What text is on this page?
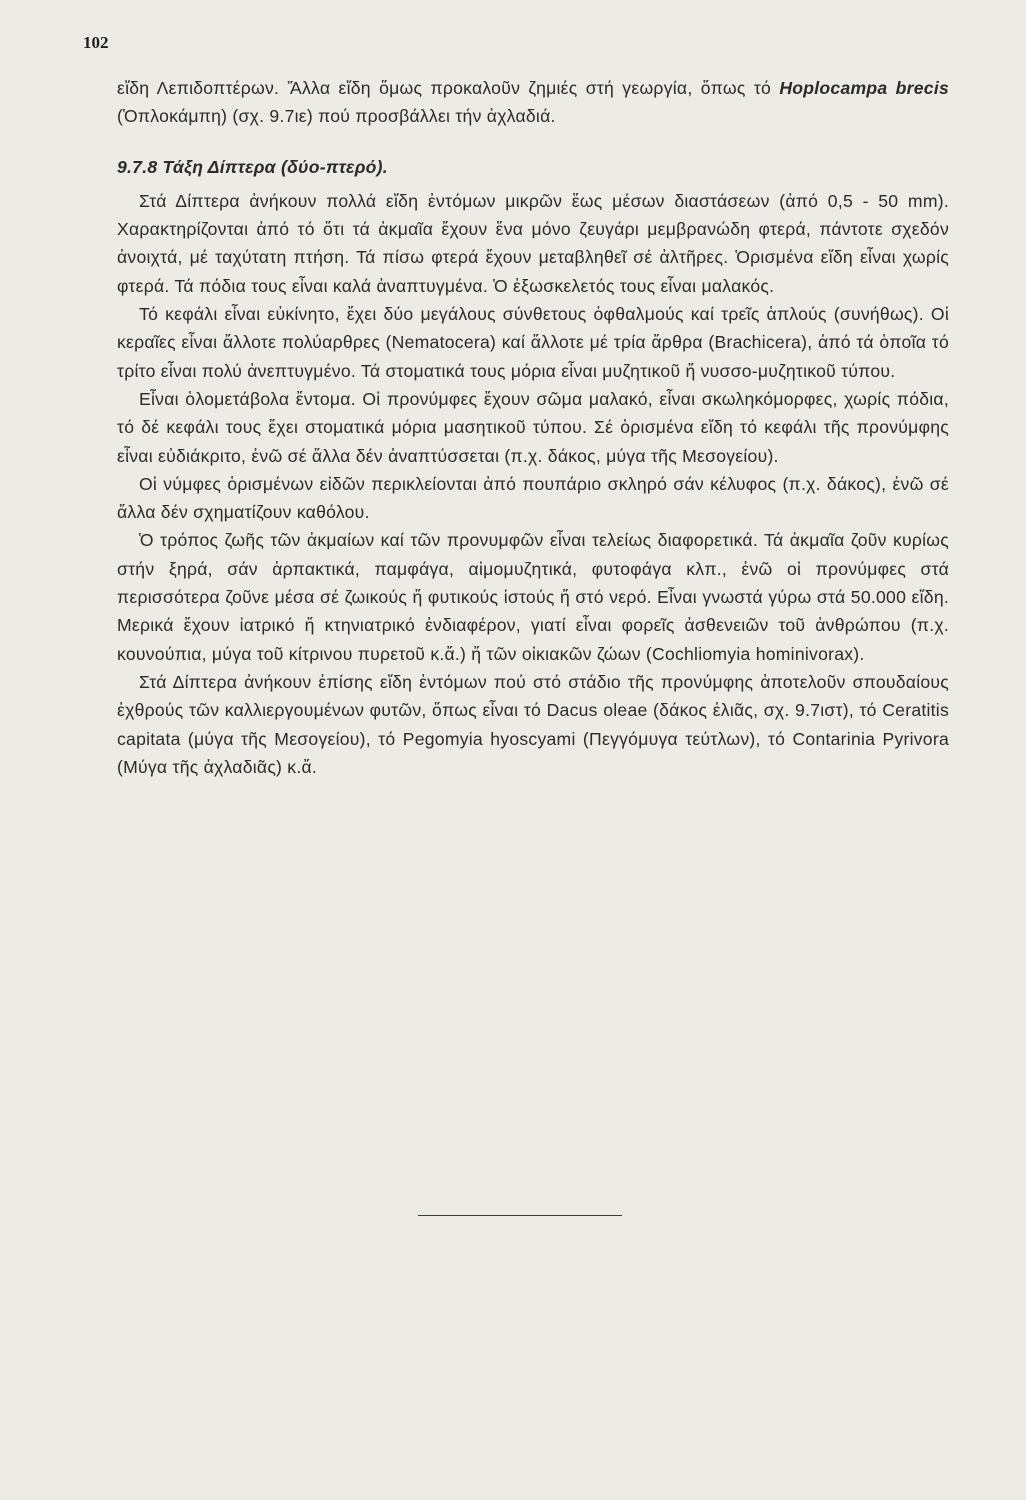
102

εἴδη Λεπιδοπτέρων. Ἄλλα εἴδη ὅμως προκαλοῦν ζημιές στή γεωργία, ὅπως τό Hoplocampa brecis (Ὁπλοκάμπη) (σχ. 9.7ιε) πού προσβάλλει τήν ἀχλαδιά.

9.7.8 Τάξη Δίπτερα (δύο-πτερό).

Στά Δίπτερα ἀνήκουν πολλά εἴδη ἐντόμων μικρῶν ἕως μέσων διαστάσεων (ἀπό 0,5 - 50 mm). Χαρακτηρίζονται ἀπό τό ὅτι τά ἀκμαῖα ἔχουν ἕνα μόνο ζευγάρι μεμβρανώδη φτερά, πάντοτε σχεδόν ἀνοιχτά, μέ ταχύτατη πτήση. Τά πίσω φτερά ἔχουν μεταβληθεῖ σέ ἀλτῆρες. Ὁρισμένα εἴδη εἶναι χωρίς φτερά. Τά πόδια τους εἶναι καλά ἀναπτυγμένα. Ὁ ἐξωσκελετός τους εἶναι μαλακός.

Τό κεφάλι εἶναι εὐκίνητο, ἔχει δύο μεγάλους σύνθετους ὀφθαλμούς καί τρεῖς ἁπλούς (συνήθως). Οἱ κεραῖες εἶναι ἄλλοτε πολύαρθρες (Nematocera) καί ἄλλοτε μέ τρία ἄρθρα (Brachicera), ἀπό τά ὁποῖα τό τρίτο εἶναι πολύ ἀνεπτυγμένο. Τά στοματικά τους μόρια εἶναι μυζητικοῦ ἤ νυσσο-μυζητικοῦ τύπου.

Εἶναι ὁλομετάβολα ἔντομα. Οἱ προνύμφες ἔχουν σῶμα μαλακό, εἶναι σκωληκόμορφες, χωρίς πόδια, τό δέ κεφάλι τους ἔχει στοματικά μόρια μασητικοῦ τύπου. Σέ ὁρισμένα εἴδη τό κεφάλι τῆς προνύμφης εἶναι εὐδιάκριτο, ἐνῶ σέ ἄλλα δέν ἀναπτύσσεται (π.χ. δάκος, μύγα τῆς Μεσογείου).

Οἱ νύμφες ὁρισμένων εἰδῶν περικλείονται ἀπό πουπάριο σκληρό σάν κέλυφος (π.χ. δάκος), ἐνῶ σέ ἄλλα δέν σχηματίζουν καθόλου.

Ὁ τρόπος ζωῆς τῶν ἀκμαίων καί τῶν προνυμφῶν εἶναι τελείως διαφορετικά. Τά ἀκμαῖα ζοῦν κυρίως στήν ξηρά, σάν ἁρπακτικά, παμφάγα, αἱμομυζητικά, φυτοφάγα κλπ., ἐνῶ οἱ προνύμφες στά περισσότερα ζοῦνε μέσα σέ ζωικούς ἤ φυτικούς ἱστούς ἤ στό νερό. Εἶναι γνωστά γύρω στά 50.000 εἴδη. Μερικά ἔχουν ἰατρικό ἤ κτηνιατρικό ἐνδιαφέρον, γιατί εἶναι φορεῖς ἀσθενειῶν τοῦ ἀνθρώπου (π.χ. κουνούπια, μύγα τοῦ κίτρινου πυρετοῦ κ.ἄ.) ἤ τῶν οἰκιακῶν ζώων (Cochliomyia hominivorax).

Στά Δίπτερα ἀνήκουν ἐπίσης εἴδη ἐντόμων πού στό στάδιο τῆς προνύμφης ἀποτελοῦν σπουδαίους ἐχθρούς τῶν καλλιεργουμένων φυτῶν, ὅπως εἶναι τό Dacus oleae (δάκος ἐλιᾶς, σχ. 9.7ιστ), τό Ceratitis capitata (μύγα τῆς Μεσογείου), τό Pegomyia hyoscyami (Πεγγόμυγα τεύτλων), τό Contarinia Pyrivora (Μύγα τῆς ἀχλαδιᾶς) κ.ἄ.
